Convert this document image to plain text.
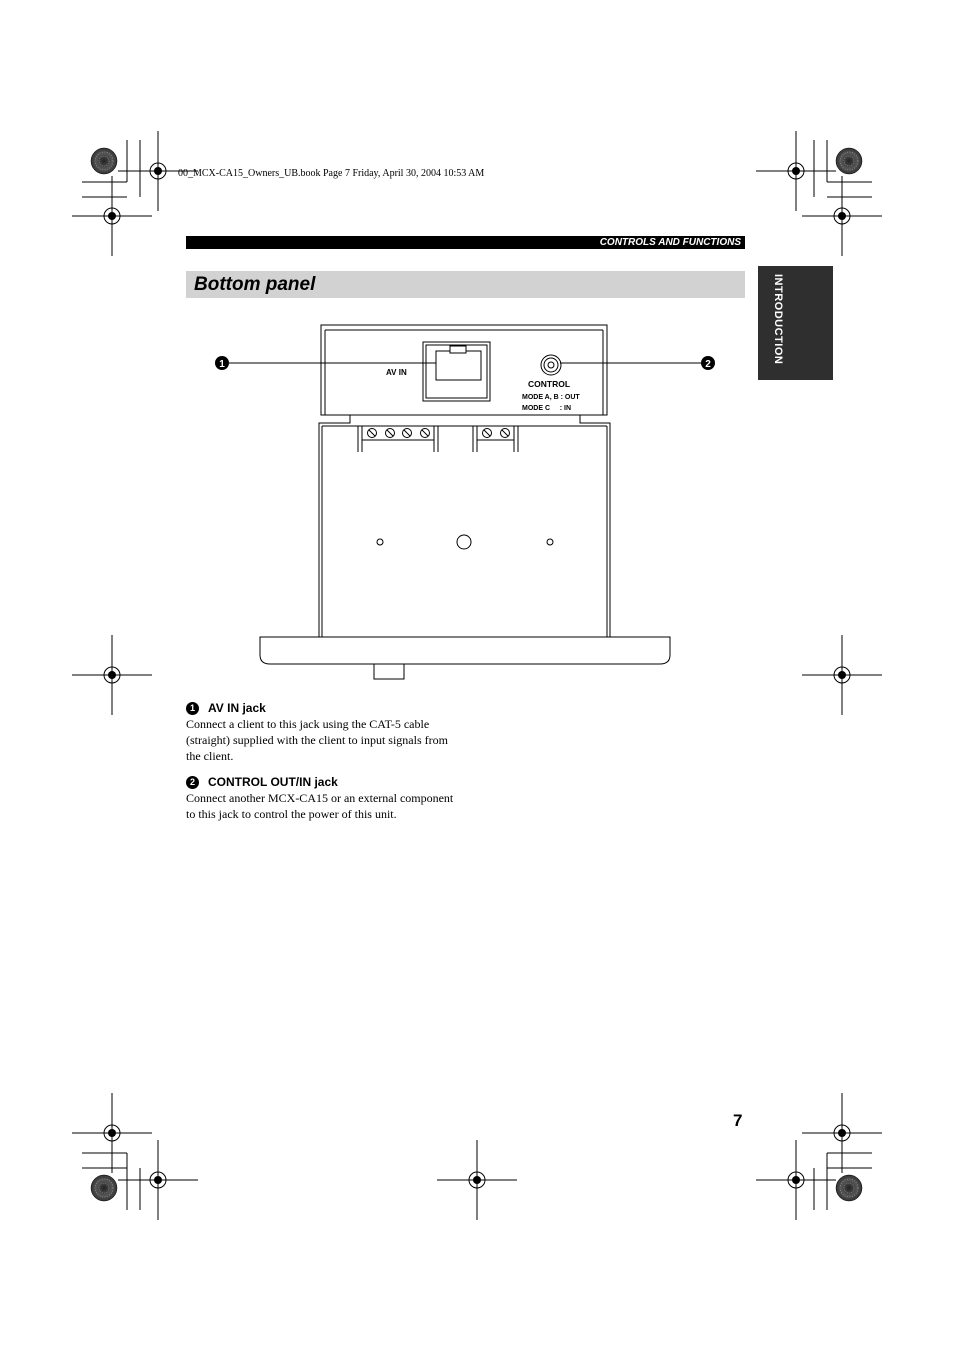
00_MCX-CA15_Owners_UB.book Page 7 Friday, April 30, 2004 10:53 AM
CONTROLS AND FUNCTIONS
Bottom panel	INTRODUCTION
1	2
AV IN
CONTROL
MODE A, B : OUT
MODE C     : IN
1	AV IN jack
Connect a client to this jack using the CAT-5 cable (straight) supplied with the client to input signals from the client.
2	CONTROL OUT/IN jack
Connect another MCX-CA15 or an external component to this jack to control the power of this unit.
7
